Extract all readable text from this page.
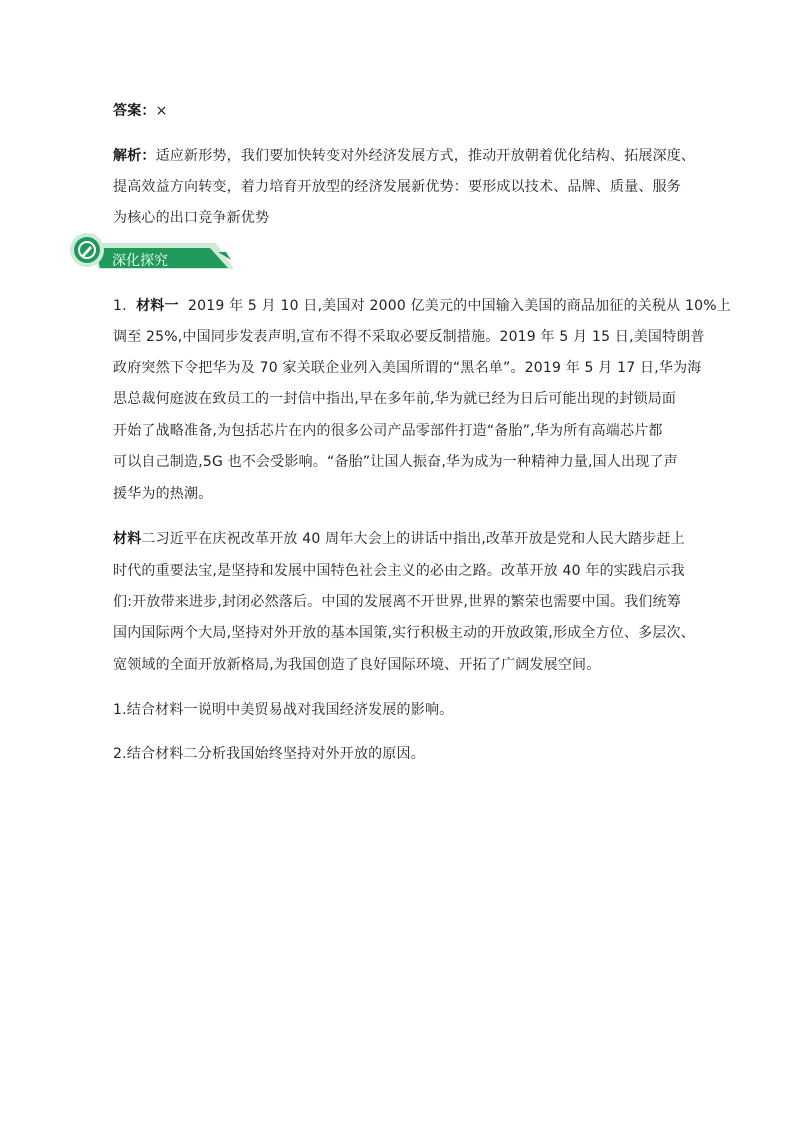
答案：×
解析：适应新形势，我们要加快转变对外经济发展方式，推动开放朝着优化结构、拓展深度、
提高效益方向转变，着力培育开放型的经济发展新优势：要形成以技术、品牌、质量、服务
为核心的出口竞争新优势
深化探究
1. 材料一 2019 年 5 月 10 日,美国对 2000 亿美元的中国输入美国的商品加征的关税从 10%上
调至 25%,中国同步发表声明,宣布不得不采取必要反制措施。2019 年 5 月 15 日,美国特朗普
政府突然下令把华为及 70 家关联企业列入美国所谓的“黑名单”。2019 年 5 月 17 日,华为海
思总裁何庭波在致员工的一封信中指出,早在多年前,华为就已经为日后可能出现的封锁局面
开始了战略准备,为包括芯片在内的很多公司产品零部件打造“备胎”,华为所有高端芯片都
可以自己制造,5G 也不会受影响。“备胎”让国人振奋,华为成为一种精神力量,国人出现了声
援华为的热潮。
材料二习近平在庆祝改革开放 40 周年大会上的讲话中指出,改革开放是党和人民大踏步赶上
时代的重要法宝,是坚持和发展中国特色社会主义的必由之路。改革开放 40 年的实践启示我
们:开放带来进步,封闭必然落后。中国的发展离不开世界,世界的繁荣也需要中国。我们统筹
国内国际两个大局,坚持对外开放的基本国策,实行积极主动的开放政策,形成全方位、多层次、
宽领域的全面开放新格局,为我国创造了良好国际环境、开拓了广阔发展空间。
1.结合材料一说明中美贸易战对我国经济发展的影响。
2.结合材料二分析我国始终坚持对外开放的原因。
